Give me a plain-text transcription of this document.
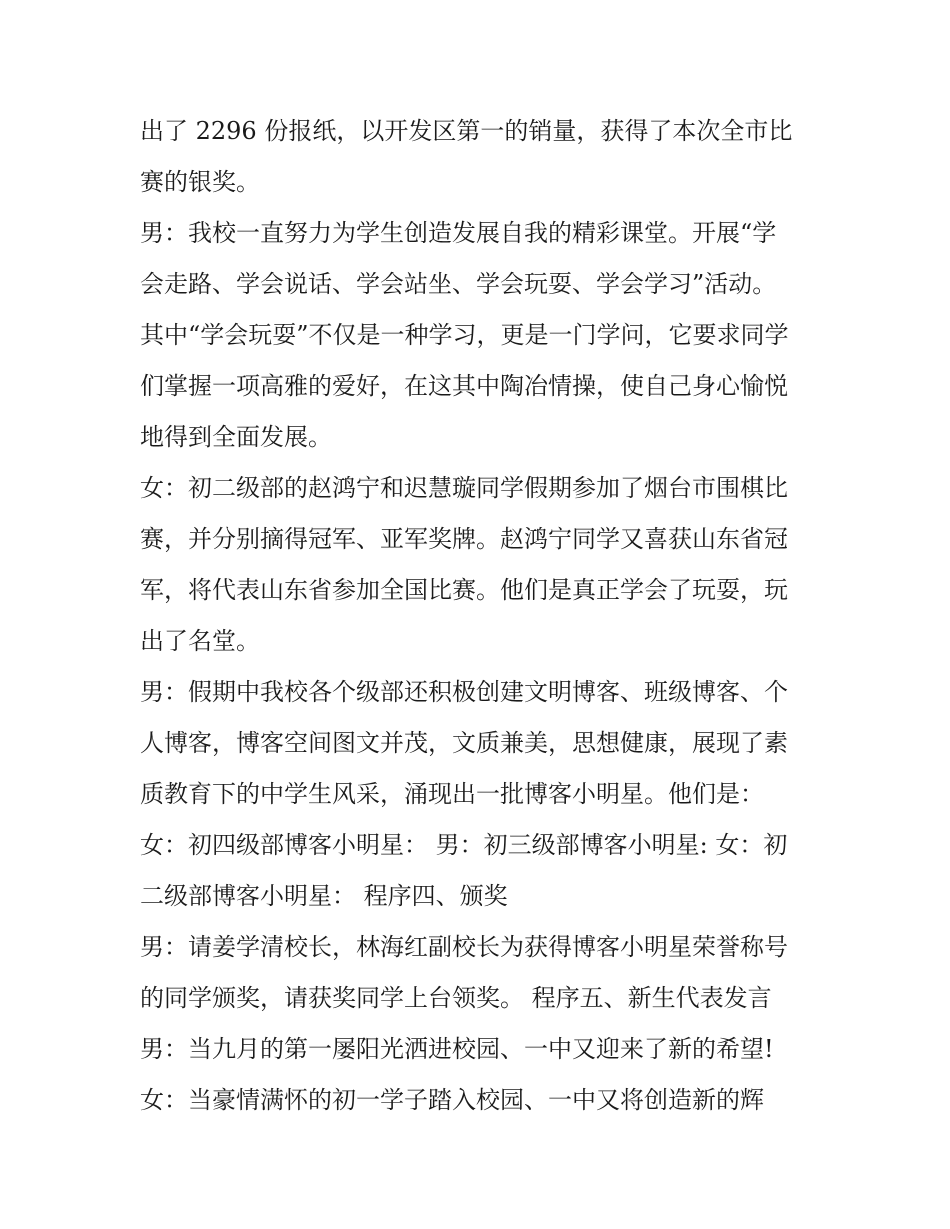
出了 2296 份报纸，以开发区第一的销量，获得了本次全市比
赛的银奖。
男：我校一直努力为学生创造发展自我的精彩课堂。开展“学
会走路、学会说话、学会站坐、学会玩耍、学会学习”活动。
其中“学会玩耍”不仅是一种学习，更是一门学问，它要求同学
们掌握一项高雅的爱好，在这其中陶冶情操，使自己身心愉悦
地得到全面发展。
女：初二级部的赵鸿宁和迟慧璇同学假期参加了烟台市围棋比
赛，并分别摘得冠军、亚军奖牌。赵鸿宁同学又喜获山东省冠
军，将代表山东省参加全国比赛。他们是真正学会了玩耍，玩
出了名堂。
男：假期中我校各个级部还积极创建文明博客、班级博客、个
人博客，博客空间图文并茂，文质兼美，思想健康，展现了素
质教育下的中学生风采，涌现出一批博客小明星。他们是：
女：初四级部博客小明星： 男：初三级部博客小明星: 女：初
二级部博客小明星： 程序四、颁奖
男：请姜学清校长，林海红副校长为获得博客小明星荣誉称号
的同学颁奖，请获奖同学上台领奖。 程序五、新生代表发言
男：当九月的第一屡阳光洒进校园、一中又迎来了新的希望!
女：当豪情满怀的初一学子踏入校园、一中又将创造新的辉
